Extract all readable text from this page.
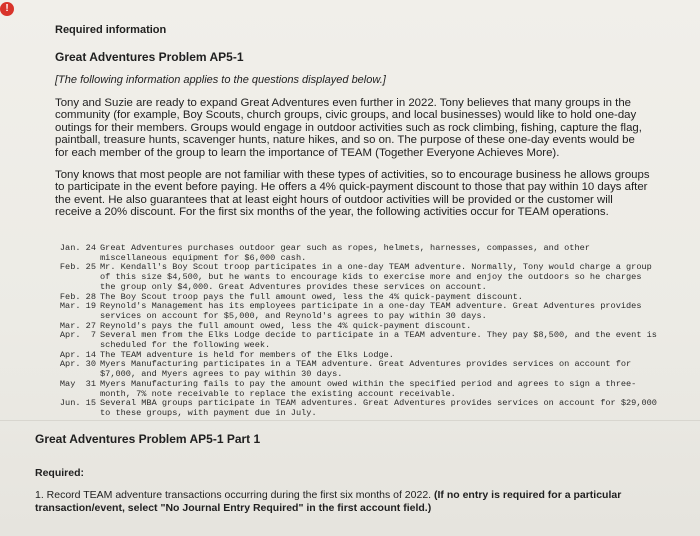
!
Required information
Great Adventures Problem AP5-1
[The following information applies to the questions displayed below.]

Tony and Suzie are ready to expand Great Adventures even further in 2022. Tony believes that many groups in the community (for example, Boy Scouts, church groups, civic groups, and local businesses) would like to hold one-day outings for their members. Groups would engage in outdoor activities such as rock climbing, fishing, capture the flag, paintball, treasure hunts, scavenger hunts, nature hikes, and so on. The purpose of these one-day events would be for each member of the group to learn the importance of TEAM (Together Everyone Achieves More).

Tony knows that most people are not familiar with these types of activities, so to encourage business he allows groups to participate in the event before paying. He offers a 4% quick-payment discount to those that pay within 10 days after the event. He also guarantees that at least eight hours of outdoor activities will be provided or the customer will receive a 20% discount. For the first six months of the year, the following activities occur for TEAM operations.

Jan. 24 Great Adventures purchases outdoor gear such as ropes, helmets, harnesses, compasses, and other miscellaneous equipment for $6,000 cash.
Feb. 25 Mr. Kendall's Boy Scout troop participates in a one-day TEAM adventure. Normally, Tony would charge a group of this size $4,500, but he wants to encourage kids to exercise more and enjoy the outdoors so he charges the group only $4,000. Great Adventures provides these services on account.
Feb. 28 The Boy Scout troop pays the full amount owed, less the 4% quick-payment discount.
Mar. 19 Reynold's Management has its employees participate in a one-day TEAM adventure. Great Adventures provides services on account for $5,000, and Reynold's agrees to pay within 30 days.
Mar. 27 Reynold's pays the full amount owed, less the 4% quick-payment discount.
Apr.  7 Several men from the Elks Lodge decide to participate in a TEAM adventure. They pay $8,500, and the event is scheduled for the following week.
Apr. 14 The TEAM adventure is held for members of the Elks Lodge.
Apr. 30 Myers Manufacturing participates in a TEAM adventure. Great Adventures provides services on account for $7,000, and Myers agrees to pay within 30 days.
May  31 Myers Manufacturing fails to pay the amount owed within the specified period and agrees to sign a three-month, 7% note receivable to replace the existing account receivable.
Jun. 15 Several MBA groups participate in TEAM adventures. Great Adventures provides services on account for $29,000 to these groups, with payment due in July.
Great Adventures Problem AP5-1 Part 1
Required:
1. Record TEAM adventure transactions occurring during the first six months of 2022. (If no entry is required for a particular transaction/event, select "No Journal Entry Required" in the first account field.)
